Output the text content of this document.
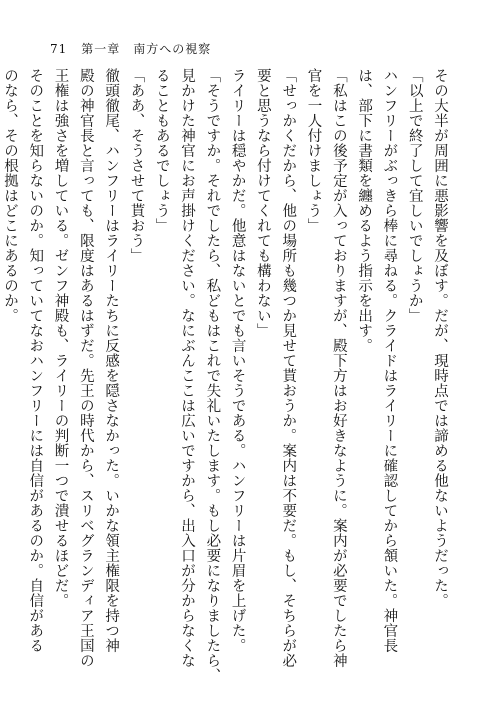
71 第一章　南方への視察
その大半が周囲に悪影響を及ぼす。だが、現時点では諦める他ないようだった。
「以上で終了して宜しいでしょうか」
ハンフリーがぶっきら棒に尋ねる。クライドはライリーに確認してから頷いた。神官長
は、部下に書類を纏めるよう指示を出す。
「私はこの後予定が入っておりますが、殿下方はお好きなように。案内が必要でしたら神
官を一人付けましょう」
「せっかくだから、他の場所も幾つか見せて貰おうか。案内は不要だ。もし、そちらが必
要と思うなら付けてくれても構わない」
ライリーは穏やかだ。他意はないとでも言いそうである。ハンフリーは片眉を上げた。
「そうですか。それでしたら、私どもはこれで失礼いたします。もし必要になりましたら、
見かけた神官にお声掛けください。なにぶんここは広いですから、出入口が分からなくな
ることもあるでしょう」
「ああ、そうさせて貰おう」
徹頭徹尾、ハンフリーはライリーたちに反感を隠さなかった。いかな領主権限を持つ神
殿の神官長と言っても、限度はあるはずだ。先王の時代から、スリベグランディア王国の
王権は強さを増している。ゼンフ神殿も、ライリーの判断一つで潰せるほどだ。
そのことを知らないのか。知っていてなおハンフリーには自信があるのか。自信がある
のなら、その根拠はどこにあるのか。
